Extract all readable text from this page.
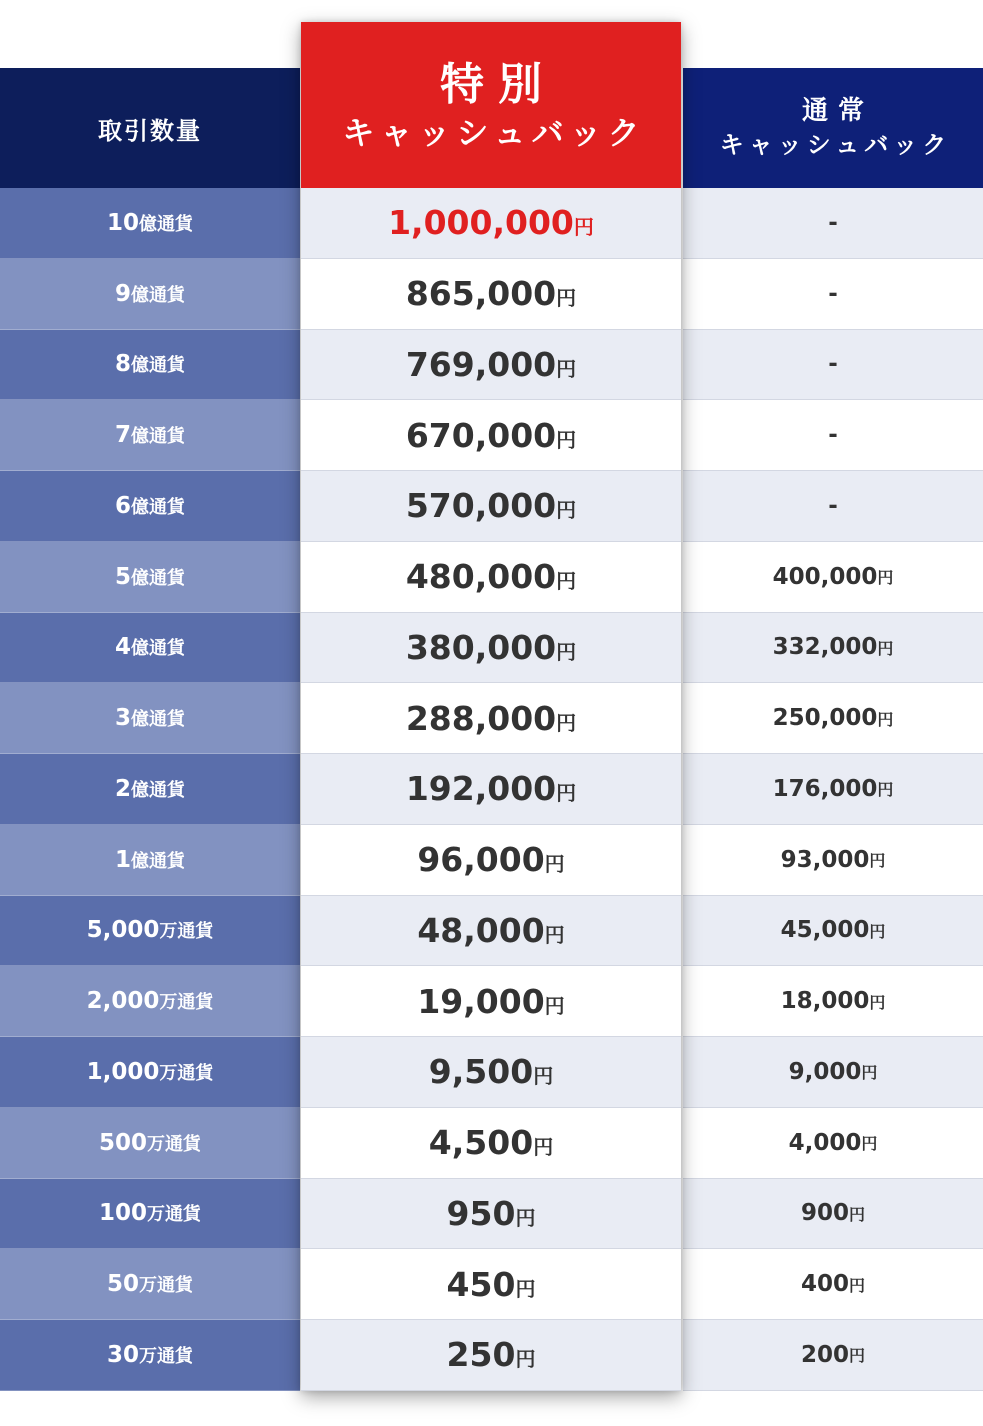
取引数量
10 億通貨
9 億通貨
8 億通貨
7 億通貨
6 億通貨
5 億通貨
4 億通貨
3 億通貨
2 億通貨
1 億通貨
5,000 万通貨
2,000 万通貨
1,000 万通貨
500 万通貨
100 万通貨
50 万通貨
30 万通貨
特別
キャッシュバック
1,000,000 円
865,000 円
769,000 円
670,000 円
570,000 円
480,000 円
380,000 円
288,000 円
192,000 円
96,000 円
48,000 円
19,000 円
9,500 円
4,500 円
950 円
450 円
250 円
通常
キャッシュバック
-
-
-
-
-
400,000 円
332,000 円
250,000 円
176,000 円
93,000 円
45,000 円
18,000 円
9,000 円
4,000 円
900 円
400 円
200 円
